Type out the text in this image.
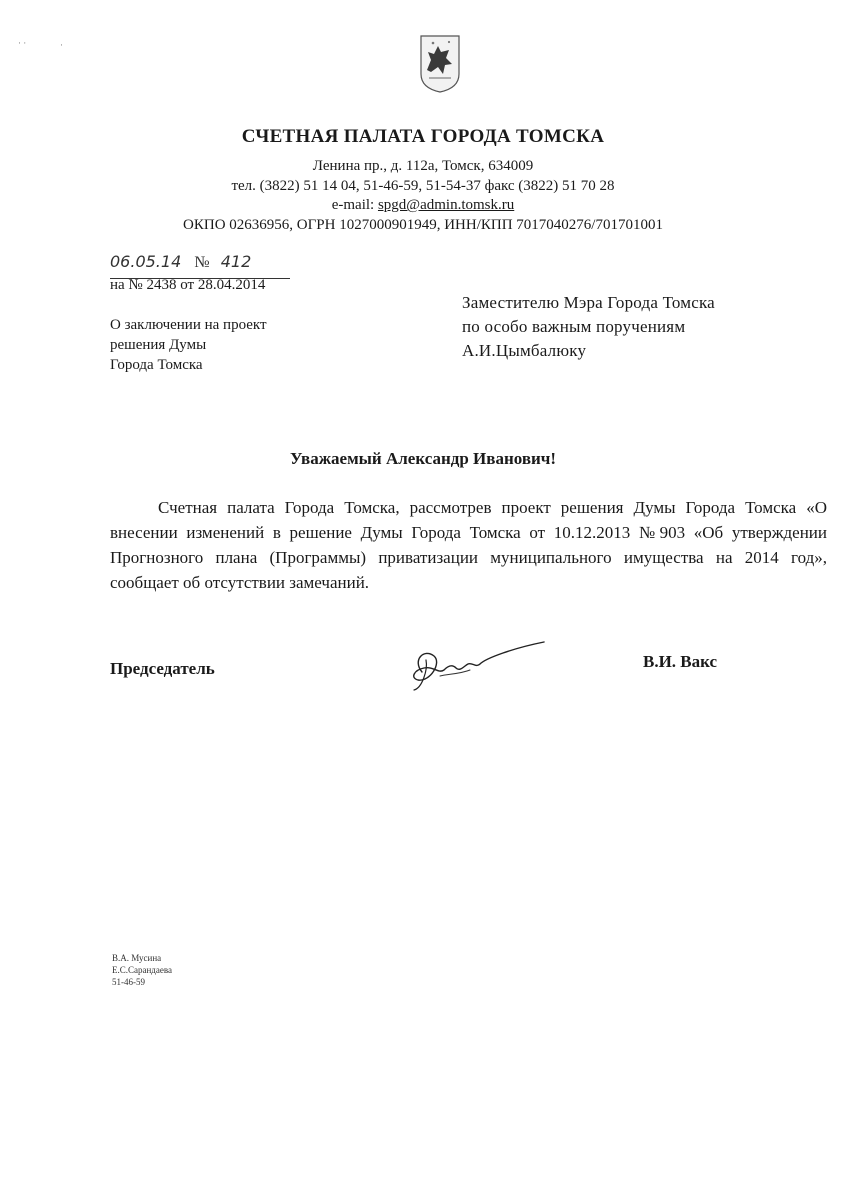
· ·	·
СЧЕТНАЯ ПАЛАТА ГОРОДА ТОМСКА
Ленина пр., д. 112а, Томск, 634009
тел. (3822) 51 14 04, 51-46-59, 51-54-37 факс (3822) 51 70 28
e-mail: spgd@admin.tomsk.ru
ОКПО 02636956, ОГРН 1027000901949, ИНН/КПП 7017040276/701701001
06.05.14 № 412
на № 2438 от 28.04.2014
О заключении на проект
решения Думы
Города Томска
Заместителю Мэра Города Томска
по особо важным поручениям
А.И.Цымбалюку
Уважаемый Александр Иванович!
Счетная палата Города Томска, рассмотрев проект решения Думы Города Томска «О внесении изменений в решение Думы Города Томска от 10.12.2013 №903 «Об утверждении Прогнозного плана (Программы) приватизации муниципального имущества на 2014 год», сообщает об отсутствии замечаний.
Председатель	В.И. Вакс
В.А. Мусина
Е.С.Сарандаева
51-46-59
